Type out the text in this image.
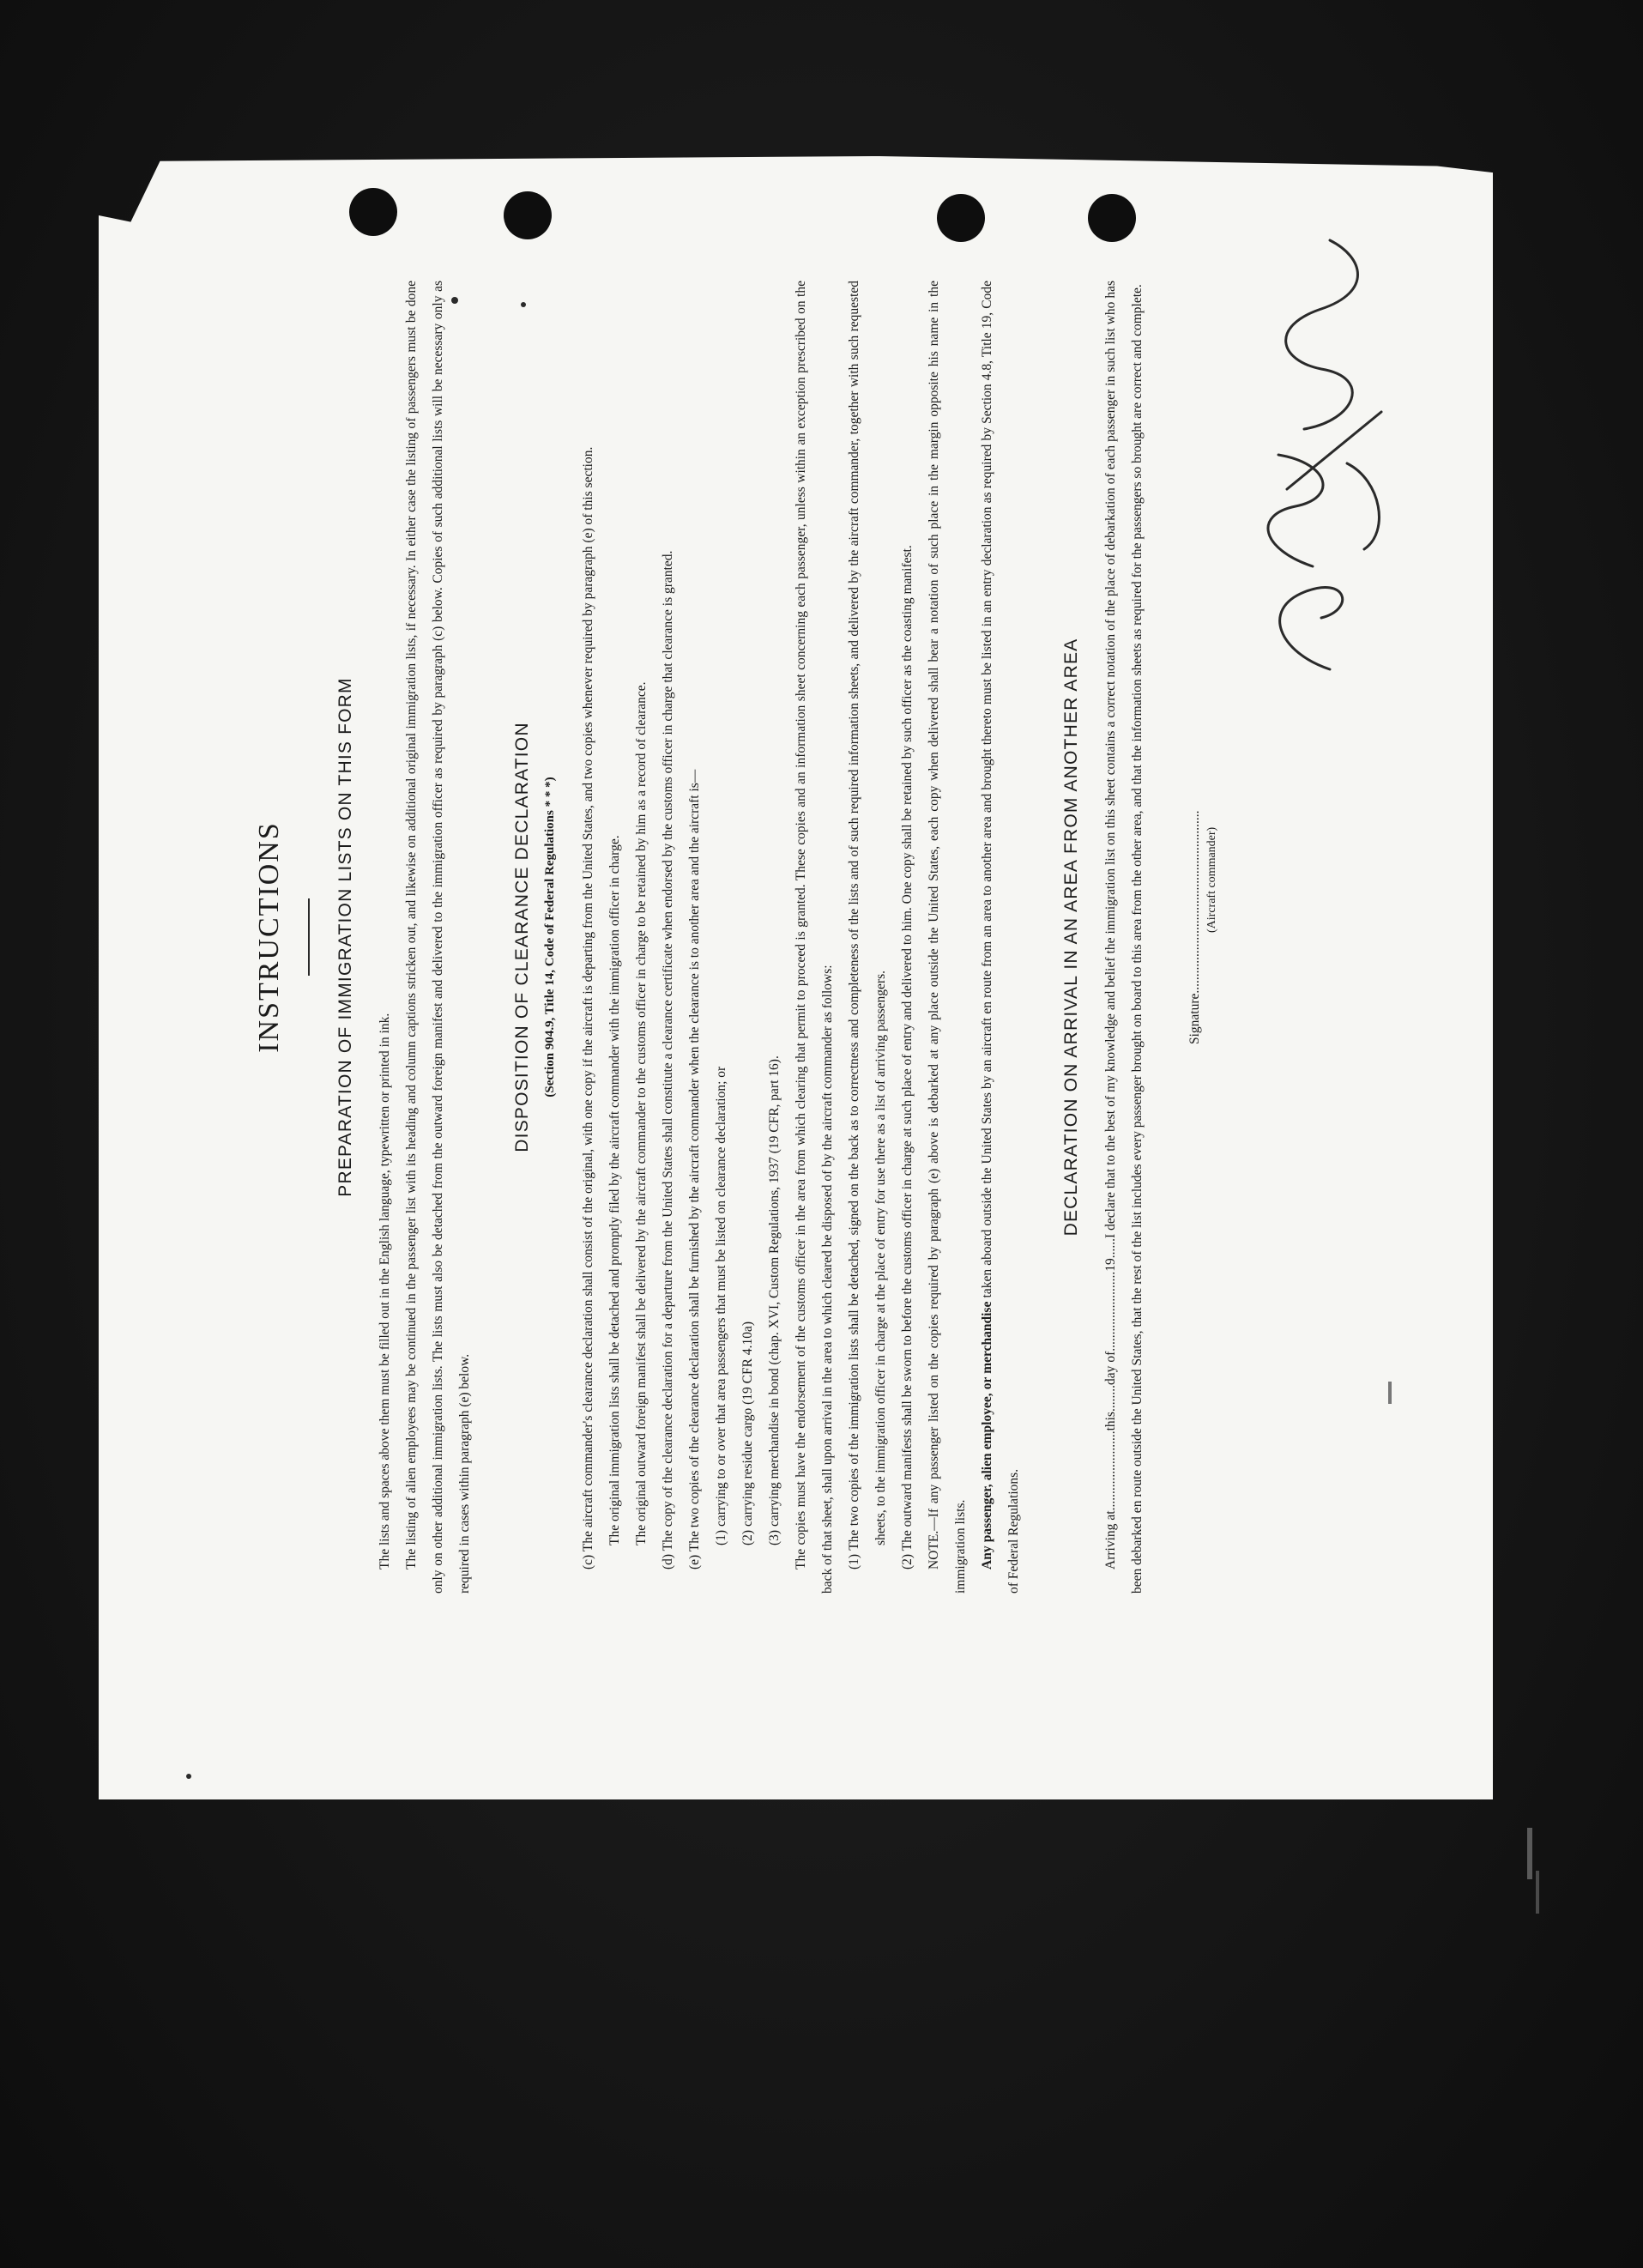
INSTRUCTIONS	PREPARATION OF IMMIGRATION LISTS ON THIS FORM

The lists and spaces above them must be filled out in the English language, typewritten or printed in ink. The listing of alien employees may be continued in the passenger list with its heading and column captions stricken out, and likewise on additional original immigration lists, if necessary. In either case the listing of passengers must be done only on other additional immigration lists. The lists must also be detached from the outward foreign manifest and delivered to the immigration officer as required by paragraph (c) below. Copies of such additional lists will be necessary only as required in cases within paragraph (e) below.

DISPOSITION OF CLEARANCE DECLARATION (Section 904.9, Title 14, Code of Federal Regulations * * *)	(c) The aircraft commander's clearance declaration shall consist of the original, with one copy if the aircraft is departing from the United States, and two copies whenever required by paragraph (e) of this section. The original immigration lists shall be detached and promptly filed by the aircraft commander with the immigration officer in charge. The original outward foreign manifest shall be delivered by the aircraft commander to the customs officer in charge to be retained by him as a record of clearance. (d) The copy of the clearance declaration for a departure from the United States shall constitute a clearance certificate when endorsed by the customs officer in charge that clearance is granted. (e) The two copies of the clearance declaration shall be furnished by the aircraft commander when the clearance is to another area and the aircraft is— (1) carrying to or over that area passengers that must be listed on clearance declaration; or (2) carrying residue cargo (19 CFR 4.10a) (3) carrying merchandise in bond (chap. XVI, Custom Regulations, 1937 (19 CFR, part 16). The copies must have the endorsement of the customs officer in the area from which clearing that permit to proceed is granted. These copies and an information sheet concerning each passenger, unless within an exception prescribed on the back of that sheet, shall upon arrival in the area to which cleared be disposed of by the aircraft commander as follows: (1) The two copies of the immigration lists shall be detached, signed on the back as to correctness and completeness of the lists and of such required information sheets, and delivered by the aircraft commander, together with such requested sheets, to the immigration officer in charge at the place of entry for use there as a list of arriving passengers. (2) The outward manifests shall be sworn to before the customs officer in charge at such place of entry and delivered to him. One copy shall be retained by such officer as the coasting manifest. NOTE.—If any passenger listed on the copies required by paragraph (e) above is debarked at any place outside the United States, each copy when delivered shall bear a notation of such place in the margin opposite his name in the immigration lists. Any passenger, alien employee, or merchandise taken aboard outside the United States by an aircraft en route from an area to another area and brought thereto must be listed in an entry declaration as required by Section 4.8, Title 19, Code of Federal Regulations.

DECLARATION ON ARRIVAL IN AN AREA FROM ANOTHER AREA	Arriving at........................this........day of........................19......I declare that to the best of my knowledge and belief the immigration list on this sheet contains a correct notation of the place of debarkation of each passenger in such list who has been debarked en route outside the United States, that the rest of the list includes every passenger brought on board to this area from the other area, and that the information sheets as required for the passengers so brought are correct and complete.	Signature....................................................... (Aircraft commander)
